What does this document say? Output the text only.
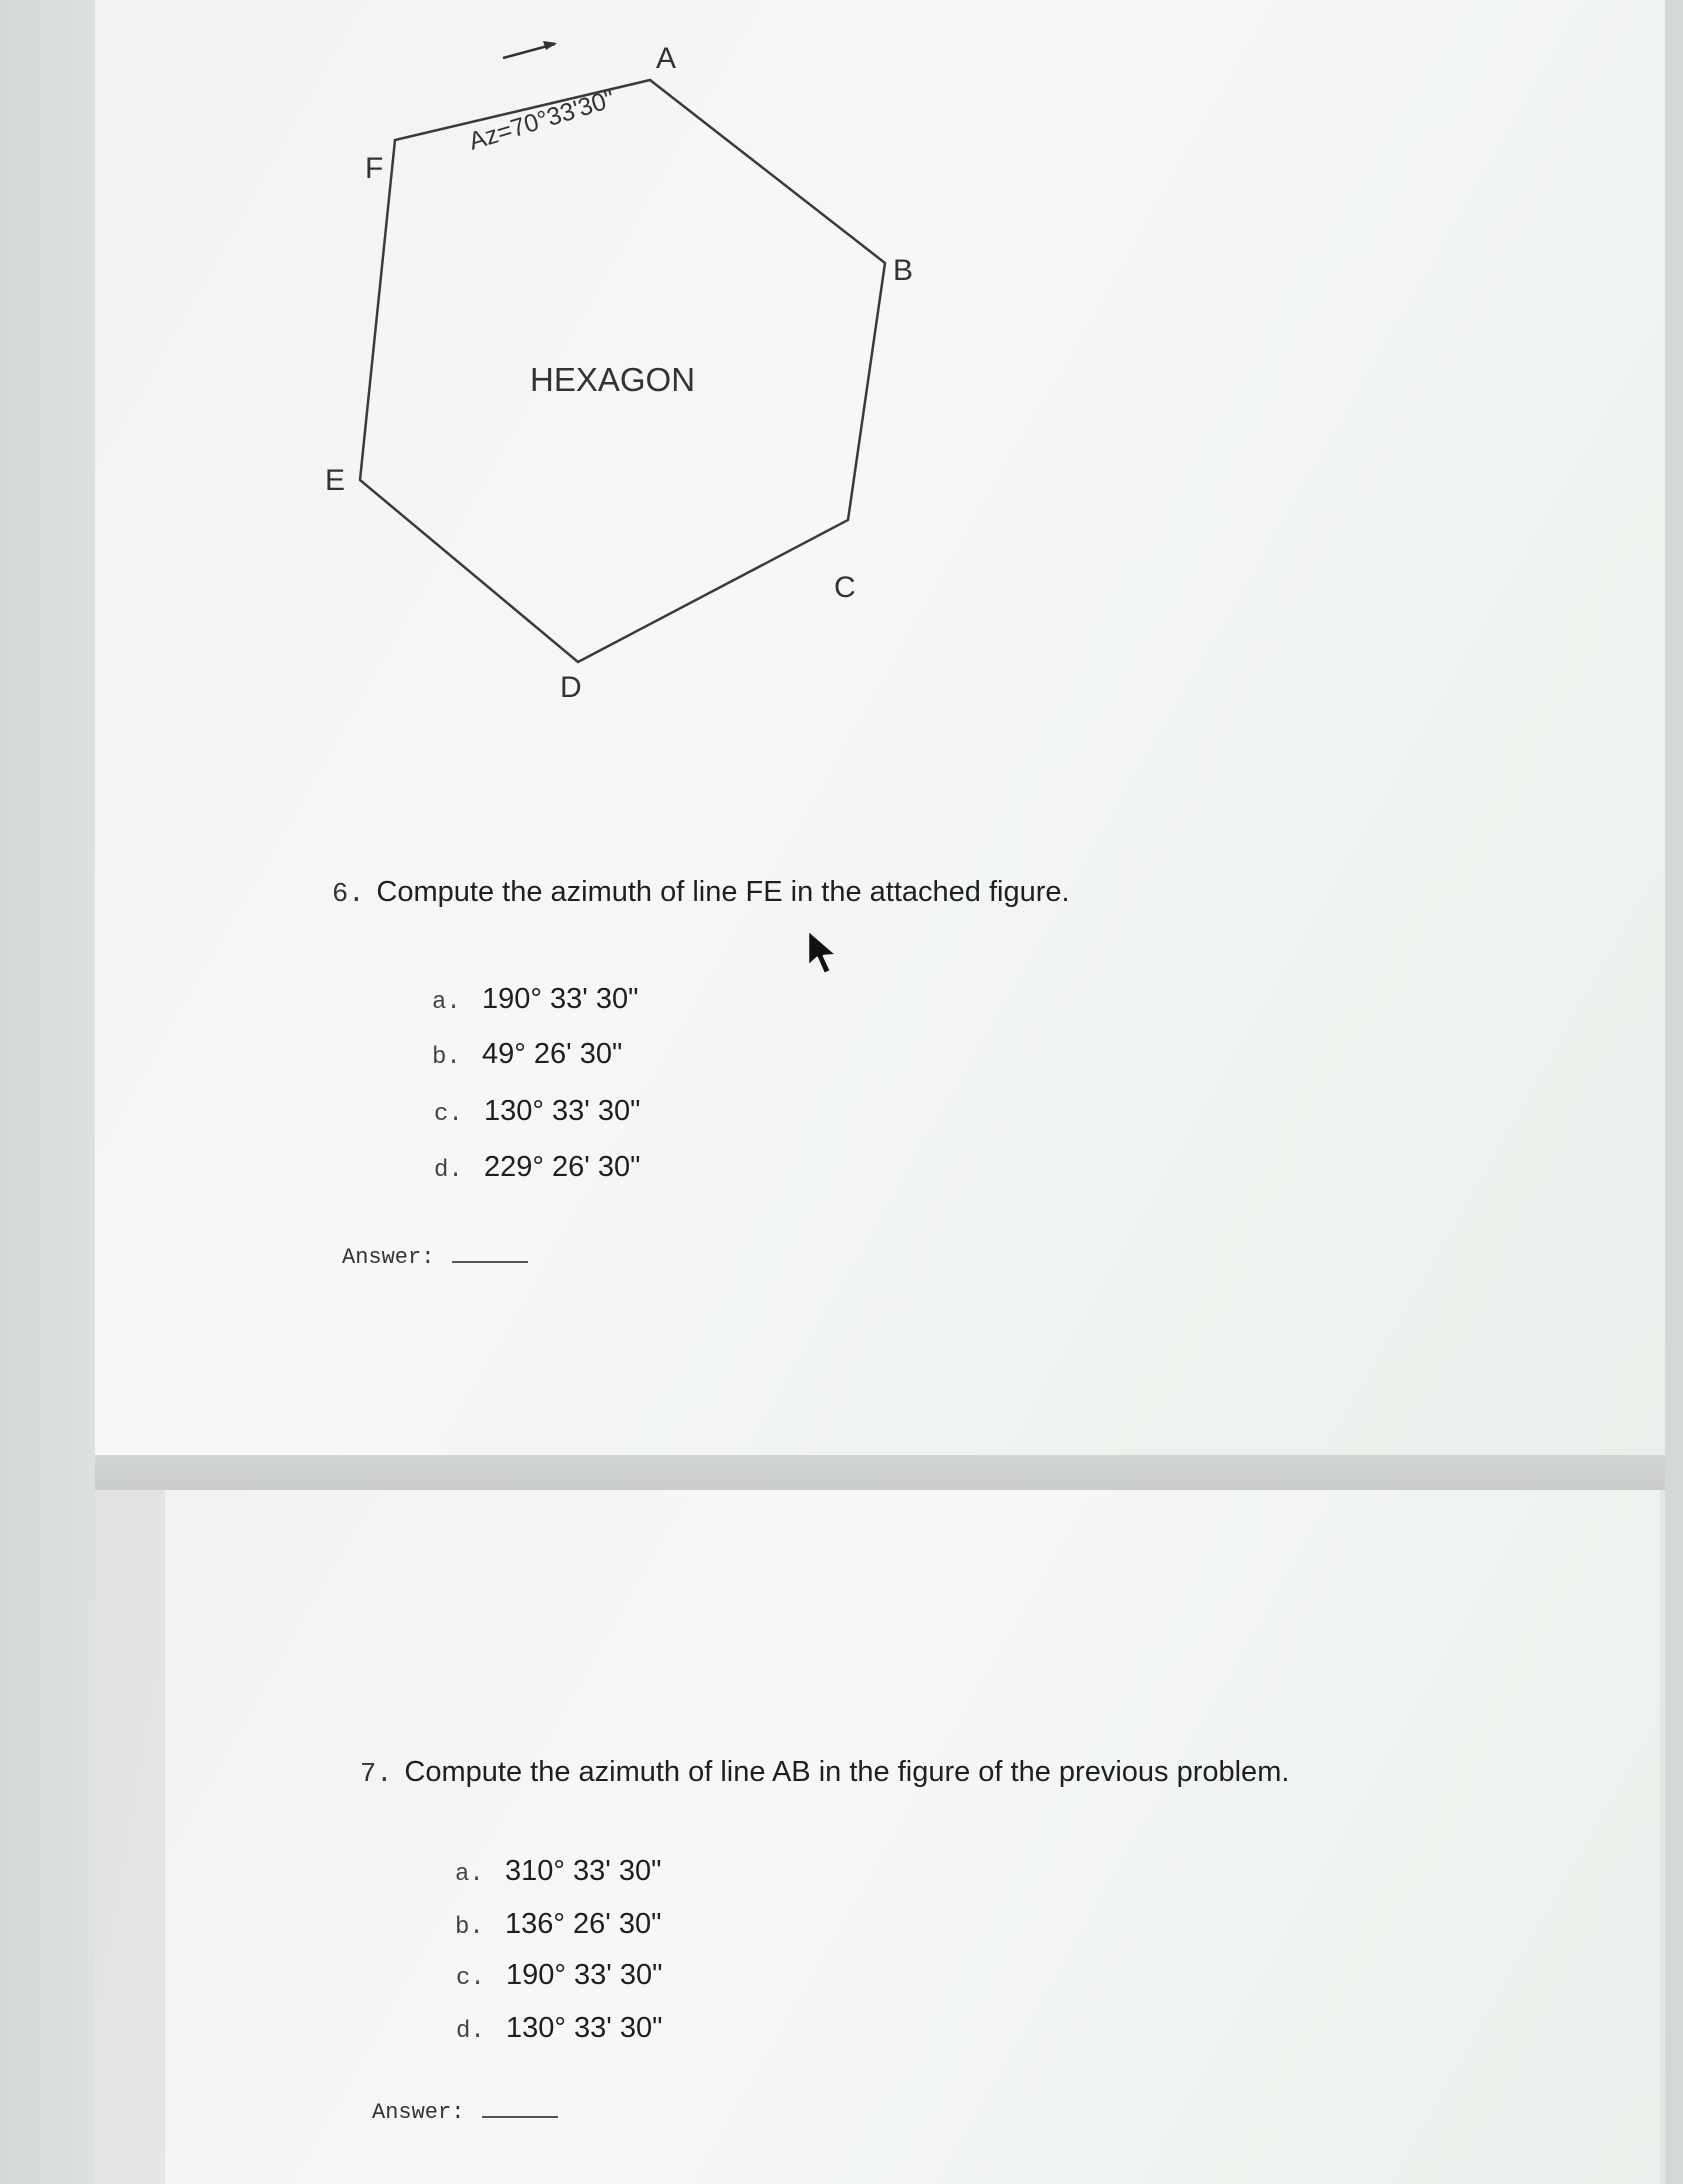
Az=70°33'30"
A
B
C
D
E
F
HEXAGON
6. Compute the azimuth of line FE in the attached figure.
a. 190° 33' 30"
b. 49° 26' 30"
c. 130° 33' 30"
d. 229° 26' 30"
Answer:
7. Compute the azimuth of line AB in the figure of the previous problem.
a. 310° 33' 30"
b. 136° 26' 30"
c. 190° 33' 30"
d. 130° 33' 30"
Answer:
